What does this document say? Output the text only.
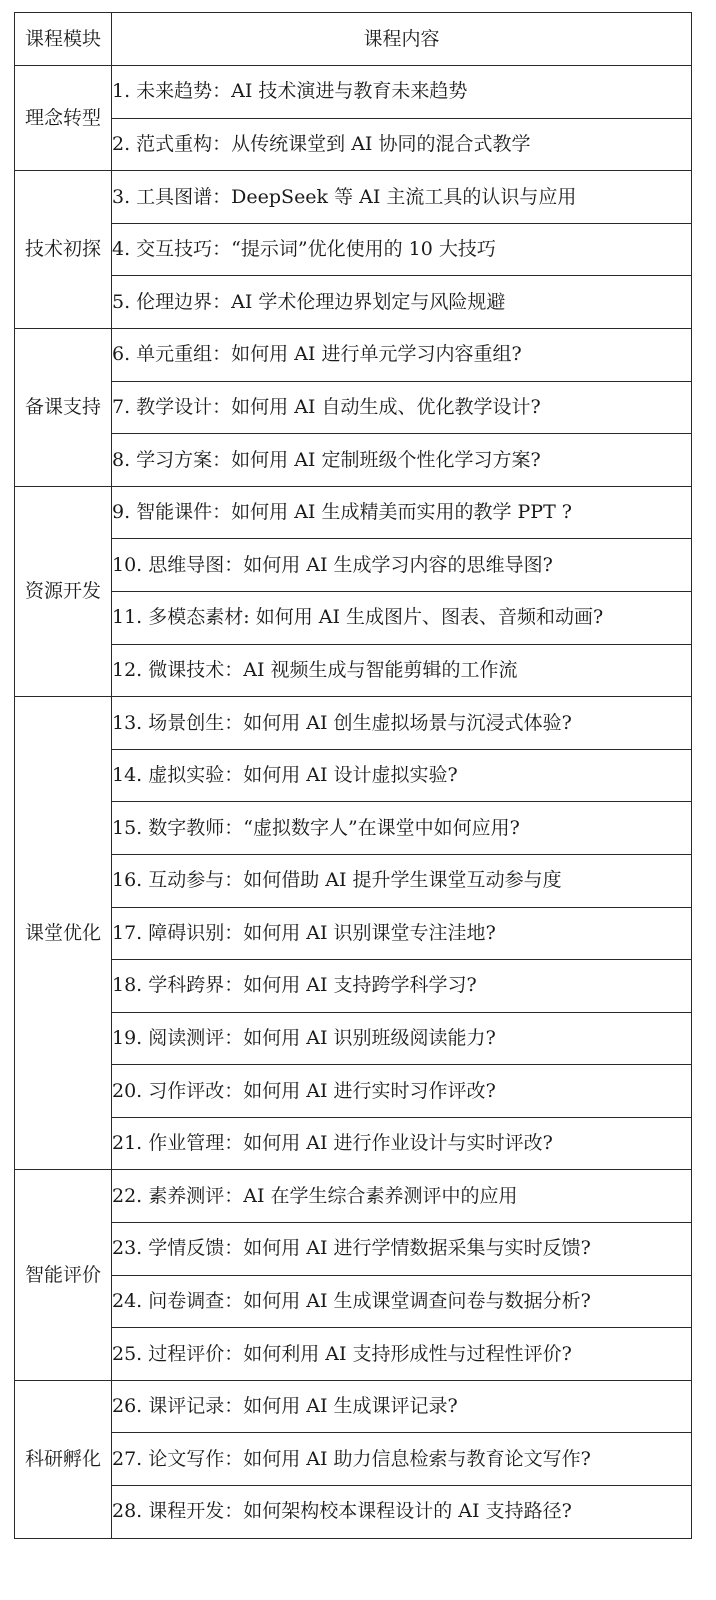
课程模块	课程内容
理念转型	1. 未来趋势：AI 技术演进与教育未来趋势
	2. 范式重构：从传统课堂到 AI 协同的混合式教学
技术初探	3. 工具图谱：DeepSeek 等 AI 主流工具的认识与应用
	4. 交互技巧：“提示词”优化使用的 10 大技巧
	5. 伦理边界：AI 学术伦理边界划定与风险规避
备课支持	6. 单元重组：如何用 AI 进行单元学习内容重组?
	7. 教学设计：如何用 AI 自动生成、优化教学设计?
	8. 学习方案：如何用 AI 定制班级个性化学习方案?
资源开发	9. 智能课件：如何用 AI 生成精美而实用的教学 PPT ?
	10. 思维导图：如何用 AI 生成学习内容的思维导图?
	11. 多模态素材: 如何用 AI 生成图片、图表、音频和动画?
	12. 微课技术：AI 视频生成与智能剪辑的工作流
课堂优化	13. 场景创生：如何用 AI 创生虚拟场景与沉浸式体验?
	14. 虚拟实验：如何用 AI 设计虚拟实验?
	15. 数字教师：“虚拟数字人”在课堂中如何应用?
	16. 互动参与：如何借助 AI 提升学生课堂互动参与度
	17. 障碍识别：如何用 AI 识别课堂专注洼地?
	18. 学科跨界：如何用 AI 支持跨学科学习?
	19. 阅读测评：如何用 AI 识别班级阅读能力?
	20. 习作评改：如何用 AI 进行实时习作评改?
	21. 作业管理：如何用 AI 进行作业设计与实时评改?
智能评价	22. 素养测评：AI 在学生综合素养测评中的应用
	23. 学情反馈：如何用 AI 进行学情数据采集与实时反馈?
	24. 问卷调查：如何用 AI 生成课堂调查问卷与数据分析?
	25. 过程评价：如何利用 AI 支持形成性与过程性评价?
科研孵化	26. 课评记录：如何用 AI 生成课评记录?
	27. 论文写作：如何用 AI 助力信息检索与教育论文写作?
	28. 课程开发：如何架构校本课程设计的 AI 支持路径?
